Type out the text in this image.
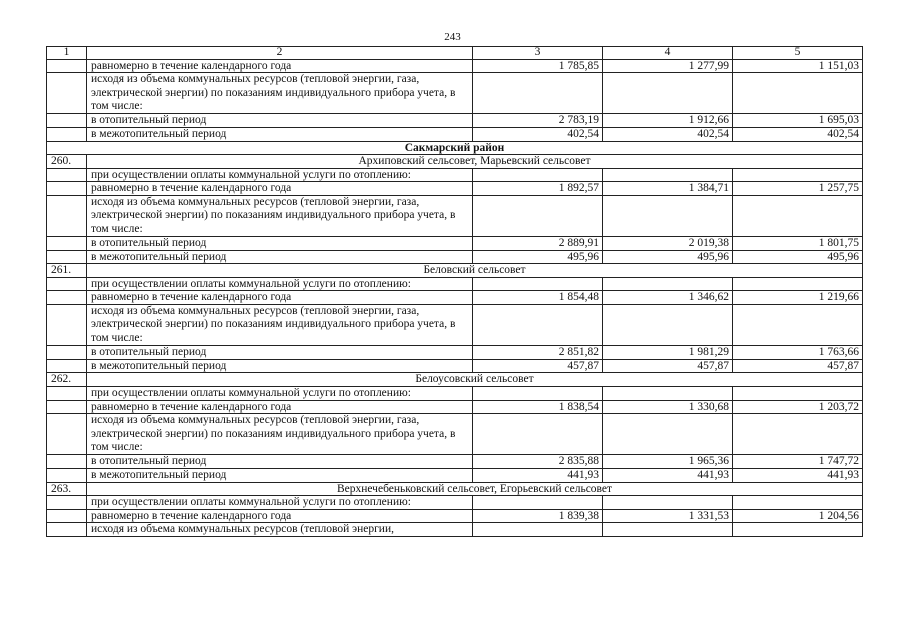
243
1	2	3	4	5
	равномерно в течение календарного года	1 785,85	1 277,99	1 151,03
	исходя из объема коммунальных ресурсов (тепловой энергии, газа, электрической энергии) по показаниям индивидуального прибора учета, в том числе:			
	в отопительный период	2 783,19	1 912,66	1 695,03
	в межотопительный период	402,54	402,54	402,54
Сакмарский район				
260.	Архиповский сельсовет, Марьевский сельсовет			
	при осуществлении оплаты коммунальной услуги по отоплению:			
	равномерно в течение календарного года	1 892,57	1 384,71	1 257,75
	исходя из объема коммунальных ресурсов (тепловой энергии, газа, электрической энергии) по показаниям индивидуального прибора учета, в том числе:			
	в отопительный период	2 889,91	2 019,38	1 801,75
	в межотопительный период	495,96	495,96	495,96
261.	Беловский сельсовет			
	при осуществлении оплаты коммунальной услуги по отоплению:			
	равномерно в течение календарного года	1 854,48	1 346,62	1 219,66
	исходя из объема коммунальных ресурсов (тепловой энергии, газа, электрической энергии) по показаниям индивидуального прибора учета, в том числе:			
	в отопительный период	2 851,82	1 981,29	1 763,66
	в межотопительный период	457,87	457,87	457,87
262.	Белоусовский сельсовет			
	при осуществлении оплаты коммунальной услуги по отоплению:			
	равномерно в течение календарного года	1 838,54	1 330,68	1 203,72
	исходя из объема коммунальных ресурсов (тепловой энергии, газа, электрической энергии) по показаниям индивидуального прибора учета, в том числе:			
	в отопительный период	2 835,88	1 965,36	1 747,72
	в межотопительный период	441,93	441,93	441,93
263.	Верхнечебеньковский сельсовет, Егорьевский сельсовет			
	при осуществлении оплаты коммунальной услуги по отоплению:			
	равномерно в течение календарного года	1 839,38	1 331,53	1 204,56
	исходя из объема коммунальных ресурсов (тепловой энергии,			
